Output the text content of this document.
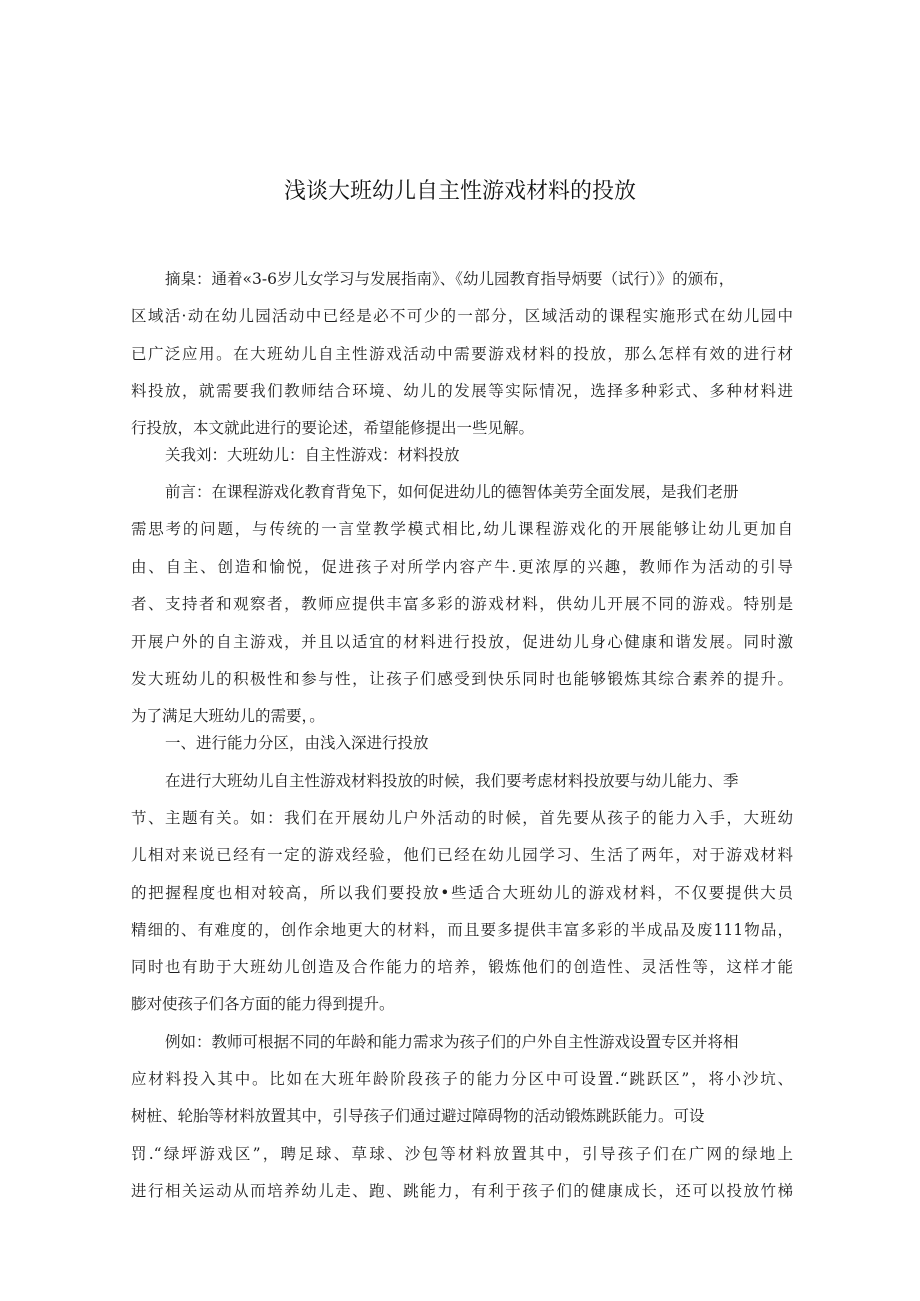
浅谈大班幼儿自主性游戏材料的投放
摘臬：通着«3-6岁儿女学习与发展指南》、《幼儿园教育指导炳要（试行）》的颁布，
区域活·动在幼儿园活动中已经是必不可少的一部分，区域活动的课程实施形式在幼儿园中
已广泛应用。在大班幼儿自主性游戏活动中需要游戏材料的投放，那么怎样有效的进行材
料投放，就需要我们教师结合环境、幼儿的发展等实际情况，选择多种彩式、多种材料进
行投放，本文就此进行的要论述，希望能修提出一些见解。
关我刘：大班幼儿：自主性游戏：材料投放
前言：在课程游戏化教育背兔下，如何促进幼儿的德智体美劳全面发展，是我们老册
需思考的问题，与传统的一言堂教学模式相比,幼儿课程游戏化的开展能够让幼儿更加自
由、自主、创造和愉悦，促进孩子对所学内容产牛.更浓厚的兴趣，教师作为活动的引导
者、支持者和观察者，教师应提供丰富多彩的游戏材料，供幼儿开展不同的游戏。特别是
开展户外的自主游戏，并且以适宜的材料进行投放，促进幼儿身心健康和谐发展。同时激
发大班幼儿的积极性和参与性，让孩子们感受到快乐同时也能够锻炼其综合素养的提升。
为了满足大班幼儿的需要，。
一、进行能力分区，由浅入深进行投放
在进行大班幼儿自主性游戏材料投放的时候，我们要考虑材料投放要与幼儿能力、季
节、主题有关。如：我们在开展幼儿户外活动的时候，首先要从孩子的能力入手，大班幼
儿相对来说已经有一定的游戏经验，他们已经在幼儿园学习、生活了两年，对于游戏材料
的把握程度也相对较高，所以我们要投放•些适合大班幼儿的游戏材料，不仅要提供大员
精细的、有难度的，创作余地更大的材料，而且要多提供丰富多彩的半成品及废111物品，
同时也有助于大班幼儿创造及合作能力的培养，锻炼他们的创造性、灵活性等，这样才能
膨对使孩子们各方面的能力得到提升。
例如：教师可根据不同的年龄和能力需求为孩子们的户外自主性游戏设置专区并将相
应材料投入其中。比如在大班年龄阶段孩子的能力分区中可设置.“跳跃区”，将小沙坑、
树桩、轮胎等材料放置其中，引导孩子们通过避过障碍物的活动锻炼跳跃能力。可设
罚.“绿坪游戏区”，聘足球、草球、沙包等材料放置其中，引导孩子们在广网的绿地上
进行相关运动从而培养幼儿走、跑、跳能力，有利于孩子们的健康成长，还可以投放竹梯
